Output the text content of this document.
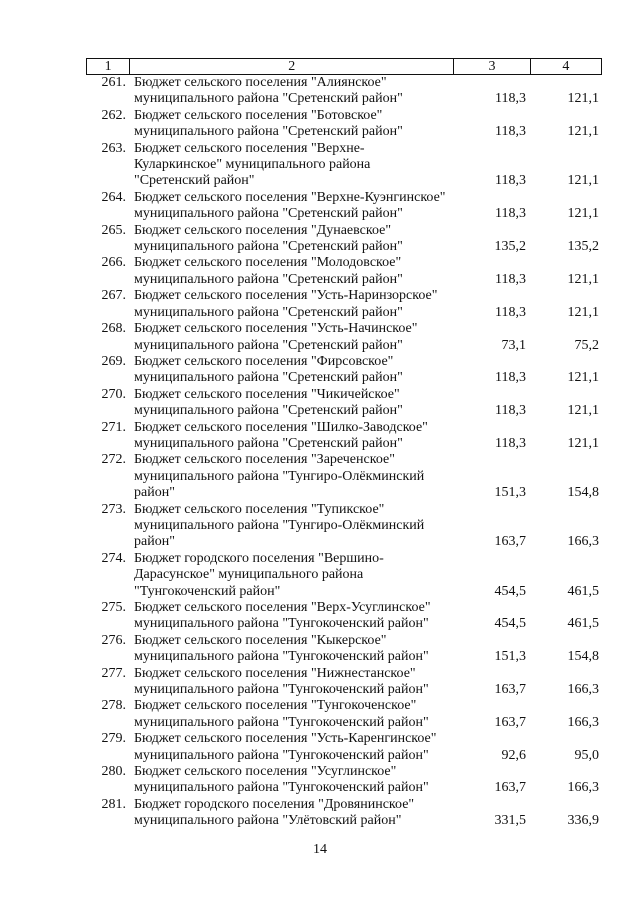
1	2	3	4
261. Бюджет сельского поселения "Алиянское"
муниципального района "Сретенский район"	118,3	121,1
262. Бюджет сельского поселения "Ботовское"
муниципального района "Сретенский район"	118,3	121,1
263. Бюджет сельского поселения "Верхне-
Куларкинское" муниципального района
"Сретенский район"	118,3	121,1
264. Бюджет сельского поселения "Верхне-Куэнгинское"
муниципального района "Сретенский район"	118,3	121,1
265. Бюджет сельского поселения "Дунаевское"
муниципального района "Сретенский район"	135,2	135,2
266. Бюджет сельского поселения "Молодовское"
муниципального района "Сретенский район"	118,3	121,1
267. Бюджет сельского поселения "Усть-Наринзорское"
муниципального района "Сретенский район"	118,3	121,1
268. Бюджет сельского поселения "Усть-Начинское"
муниципального района "Сретенский район"	73,1	75,2
269. Бюджет сельского поселения "Фирсовское"
муниципального района "Сретенский район"	118,3	121,1
270. Бюджет сельского поселения "Чикичейское"
муниципального района "Сретенский район"	118,3	121,1
271. Бюджет сельского поселения "Шилко-Заводское"
муниципального района "Сретенский район"	118,3	121,1
272. Бюджет сельского поселения "Зареченское"
муниципального района "Тунгиро-Олёкминский
район"	151,3	154,8
273. Бюджет сельского поселения "Тупикское"
муниципального района "Тунгиро-Олёкминский
район"	163,7	166,3
274. Бюджет городского поселения "Вершино-
Дарасунское" муниципального района
"Тунгокоченский район"	454,5	461,5
275. Бюджет сельского поселения "Верх-Усуглинское"
муниципального района "Тунгокоченский район"	454,5	461,5
276. Бюджет сельского поселения "Кыкерское"
муниципального района "Тунгокоченский район"	151,3	154,8
277. Бюджет сельского поселения "Нижнестанское"
муниципального района "Тунгокоченский район"	163,7	166,3
278. Бюджет сельского поселения "Тунгокоченское"
муниципального района "Тунгокоченский район"	163,7	166,3
279. Бюджет сельского поселения "Усть-Каренгинское"
муниципального района "Тунгокоченский район"	92,6	95,0
280. Бюджет сельского поселения "Усуглинское"
муниципального района "Тунгокоченский район"	163,7	166,3
281. Бюджет городского поселения "Дровянинское"
муниципального района "Улётовский район"	331,5	336,9
14
